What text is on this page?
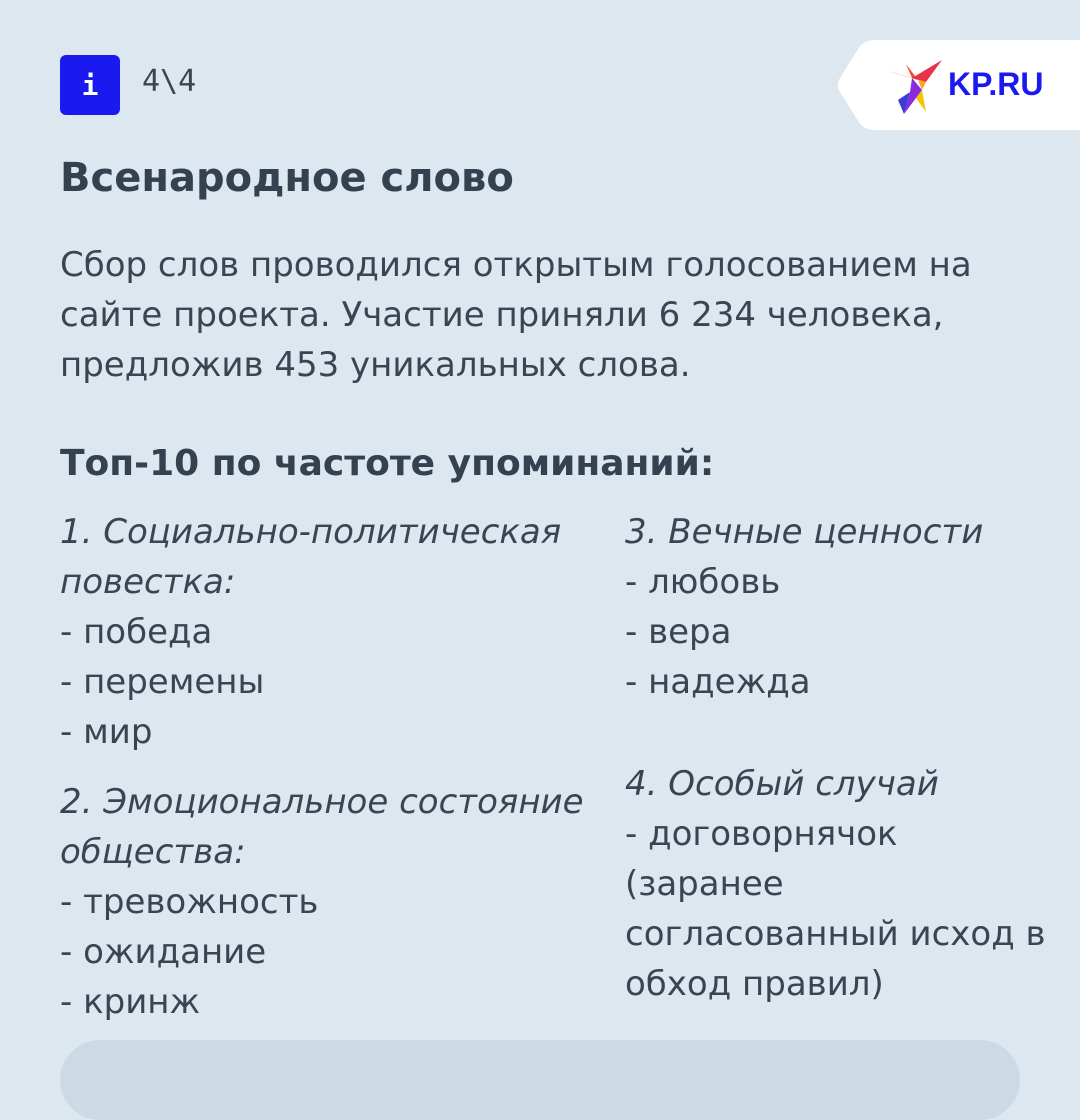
i 4\4	KP.RU
Всенародное слово

Сбор слов проводился открытым голосованием на сайте проекта. Участие приняли 6 234 человека, предложив 453 уникальных слова.

Топ-10 по частоте упоминаний:
1. Социально-политическая повестка:
- победа
- перемены
- мир
2. Эмоциональное состояние общества:
- тревожность
- ожидание
- кринж
3. Вечные ценности
- любовь
- вера
- надежда
4. Особый случай
- договорнячок
(заранее согласованный исход в обход правил)
